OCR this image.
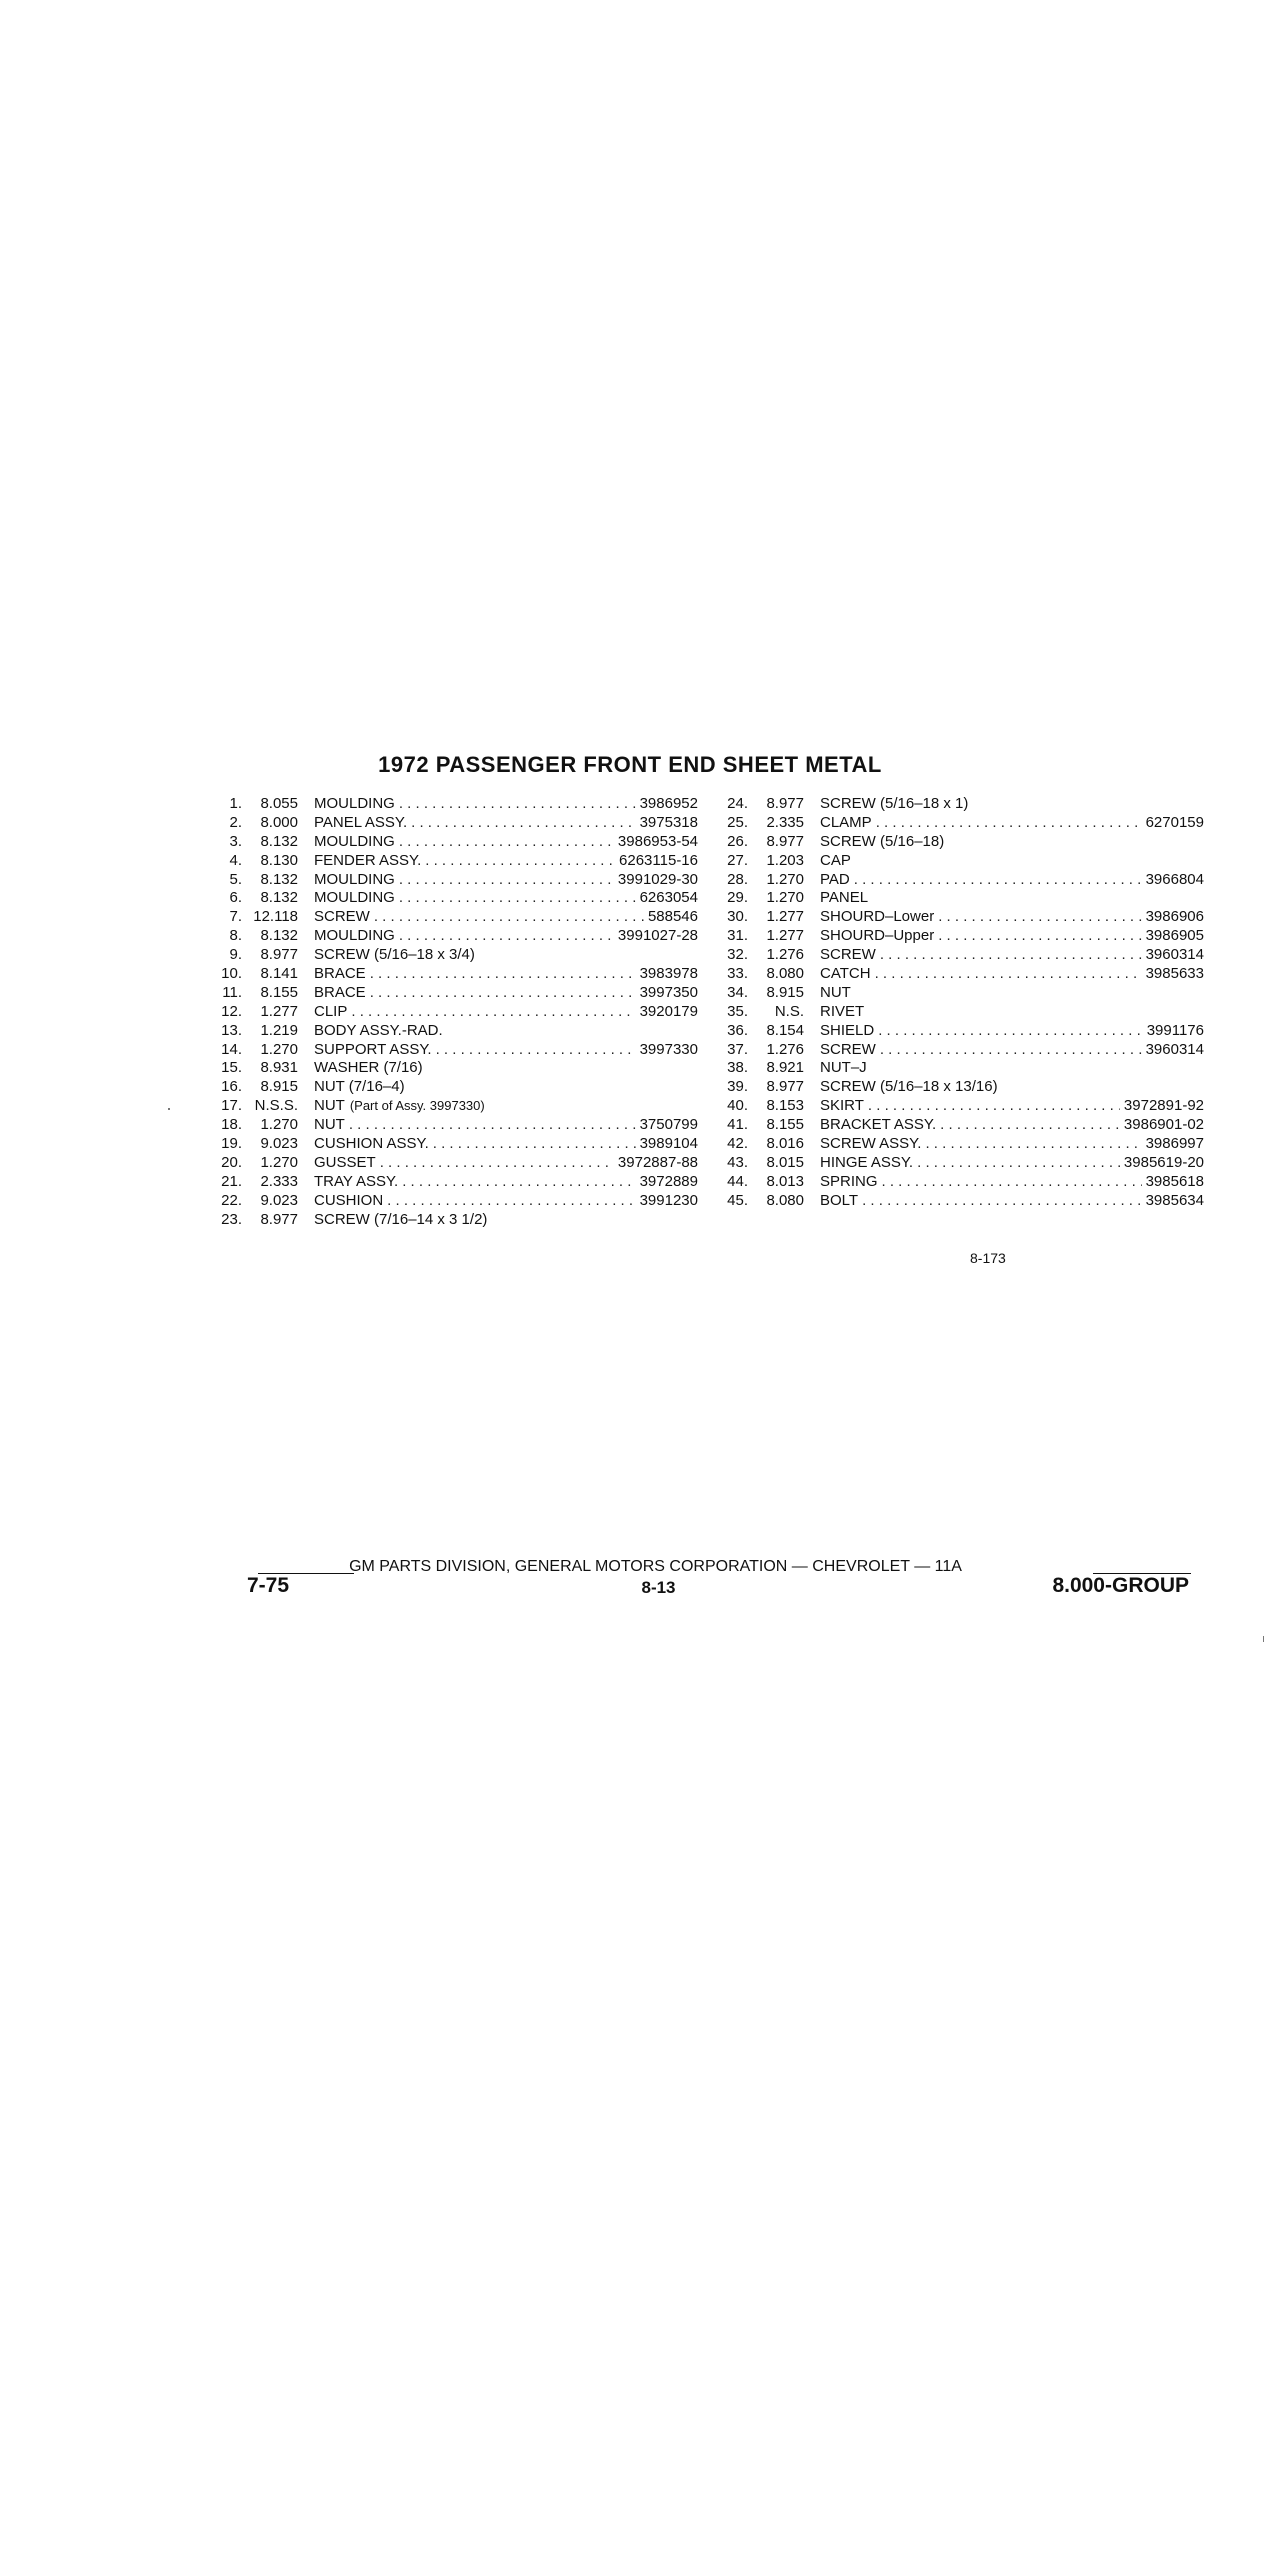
1972 PASSENGER FRONT END SHEET METAL
1.	8.055 MOULDING . . .	3986952
2.	8.000 PANEL ASSY. . . .	3975318
3.	8.132 MOULDING . . .	3986953-54
4.	8.130 FENDER ASSY. . . .	6263115-16
5.	8.132 MOULDING . . .	3991029-30
6.	8.132 MOULDING . . .	6263054
7. 12.118 SCREW . . .	588546
8.	8.132 MOULDING . . .	3991027-28
9.	8.977 SCREW (5/16–18 x 3/4)
10.	8.141 BRACE . . .	3983978
11.	8.155 BRACE . . .	3997350
12.	1.277 CLIP . . .	3920179
13.	1.219 BODY ASSY.-RAD.
14.	1.270 SUPPORT ASSY. . . .	3997330
15.	8.931 WASHER (7/16)
16.	8.915 NUT (7/16–4)
17. N.S.S. NUT (Part of Assy. 3997330)
18.	1.270 NUT . . .	3750799
19.	9.023 CUSHION ASSY. . . .	3989104
20.	1.270 GUSSET . . .	3972887-88
21.	2.333 TRAY ASSY. . . .	3972889
22.	9.023 CUSHION . . .	3991230
23.	8.977 SCREW (7/16–14 x 3 1/2)
24.	8.977 SCREW (5/16–18 x 1)
25.	2.335 CLAMP . . .	6270159
26.	8.977 SCREW (5/16–18)
27.	1.203 CAP
28.	1.270 PAD . . .	3966804
29.	1.270 PANEL
30.	1.277 SHOURD–Lower . . .	3986906
31.	1.277 SHOURD–Upper . . .	3986905
32.	1.276 SCREW . . .	3960314
33.	8.080 CATCH . . .	3985633
34.	8.915 NUT
35.	N.S. RIVET
36.	8.154 SHIELD . . .	3991176
37.	1.276 SCREW . . .	3960314
38.	8.921 NUT–J
39.	8.977 SCREW (5/16–18 x 13/16)
40.	8.153 SKIRT . . .	3972891-92
41.	8.155 BRACKET ASSY. . . .	3986901-02
42.	8.016 SCREW ASSY. . . .	3986997
43.	8.015 HINGE ASSY. . . .	3985619-20
44.	8.013 SPRING . . .	3985618
45.	8.080 BOLT . . .	3985634
8-173
GM PARTS DIVISION, GENERAL MOTORS CORPORATION — CHEVROLET — 11A
7-75	8-13	8.000-GROUP
